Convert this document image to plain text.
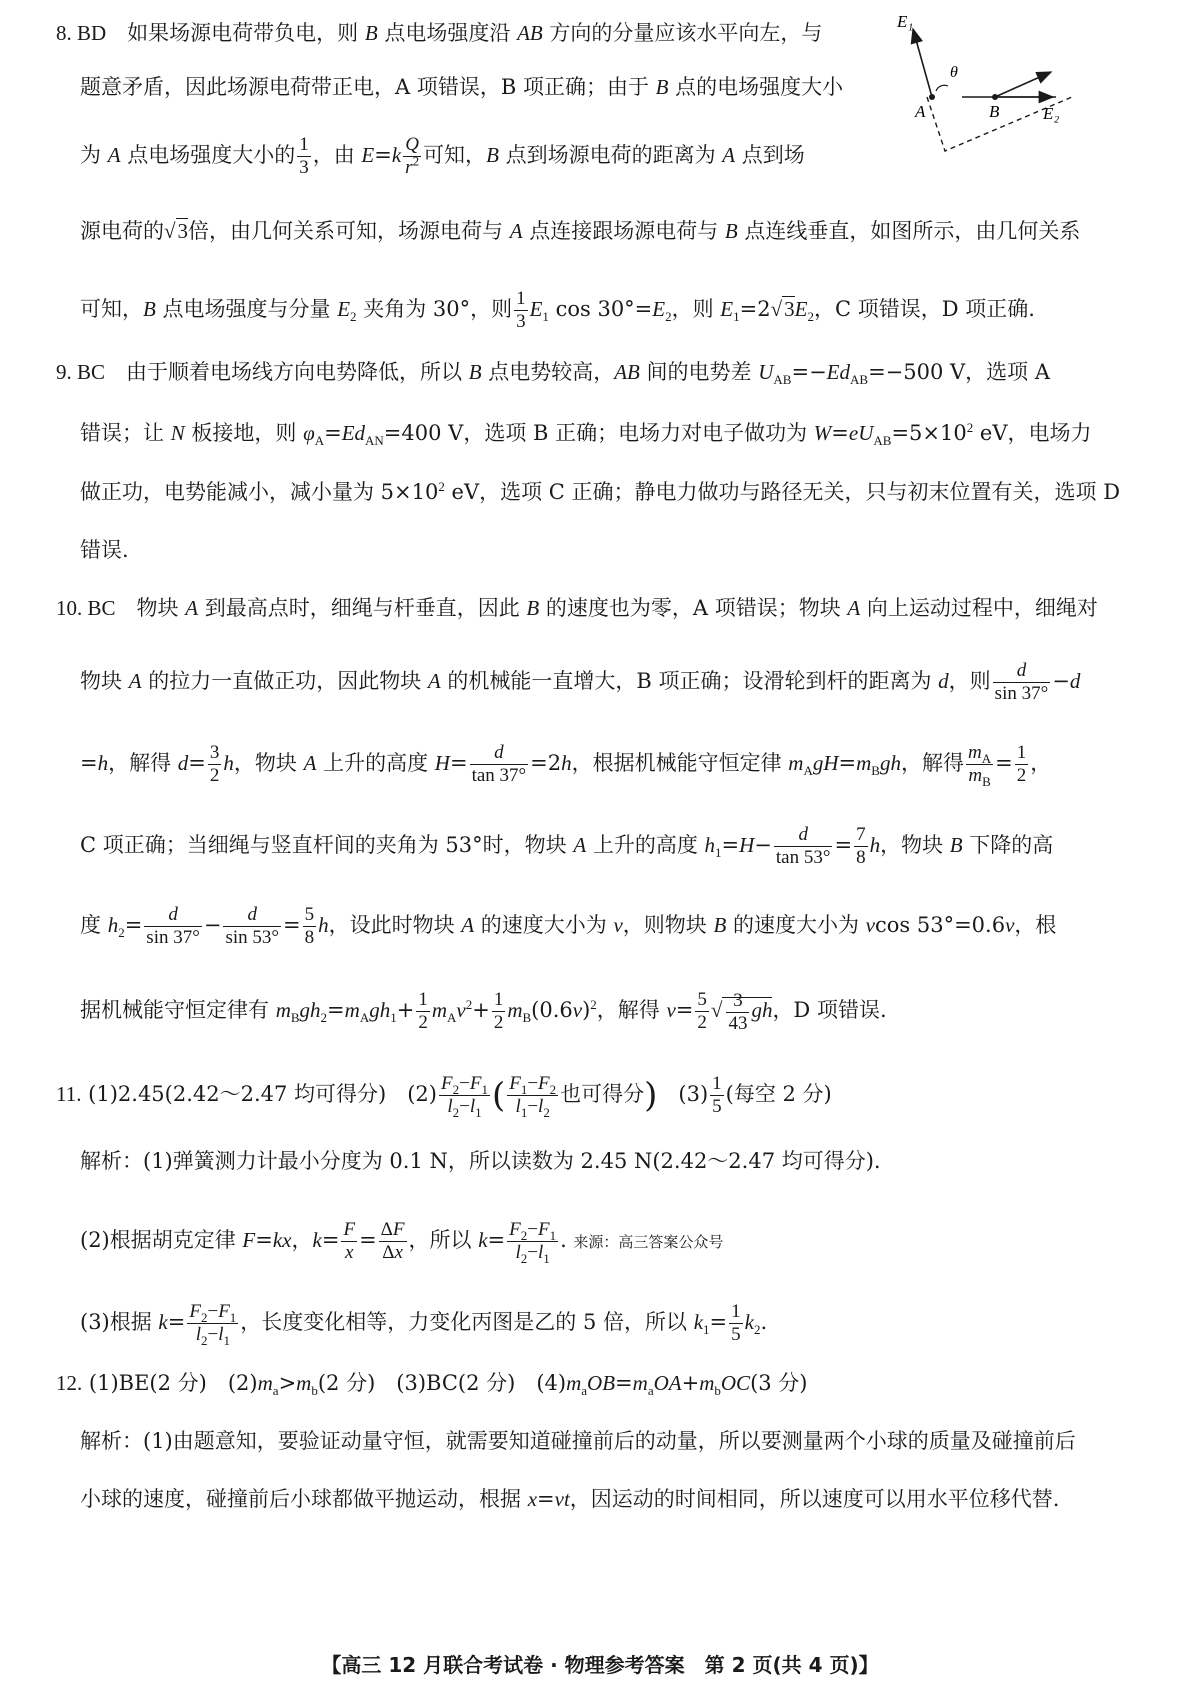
E₁
θ
A	B	E₂
8. BD　如果场源电荷带负电，则 B 点电场强度沿 AB 方向的分量应该水平向左，与
题意矛盾，因此场源电荷带正电，A 项错误，B 项正确；由于 B 点的电场强度大小
为 A 点电场强度大小的 $\frac{1}{3}$ ，由 $E=k \frac{Q}{r^2}$ 可知，B 点到场源电荷的距离为 A 点到场
源电荷的√3倍，由几何关系可知，场源电荷与 A 点连接跟场源电荷与 B 点连线垂直，如图所示，由几何关系
可知，B 点电场强度与分量 $E_2$ 夹角为 30°，则 $\frac{1}{3} E_1$ $\cos 30^\circ=E_2$，则 $E_1=2√3E_2$，C 项错误，D 项正确.
9. BC　由于顺着电场线方向电势降低，所以 B 点电势较高，AB 间的电势差 $U_{AB}=-Ed_{AB}=-500$ V，选项 A
错误；让 N 板接地，则 $\varphi_A=Ed_{AN}=400$ V，选项 B 正确；电场力对电子做功为 $W=eU_{AB}=5\times 10^2$ eV，电场力
做正功，电势能减小，减小量为 $5\times 10^2$ eV，选项 C 正确；静电力做功与路径无关，只与初末位置有关，选项 D
错误.
10. BC　物块 A 到最高点时，细绳与杆垂直，因此 B 的速度也为零，A 项错误；物块 A 向上运动过程中，细绳对
物块 A 的拉力一直做正功，因此物块 A 的机械能一直增大，B 项正确；设滑轮到杆的距离为 d，则 $\frac{d}{\sin 37^\circ} -d$
=h，解得 $d= \frac{3}{2}$ h，物块 A 上升的高度 $H= \frac{d}{\tan 37^\circ} =2h$，根据机械能守恒定律 $m_AgH=m_Bgh$，解得 $\frac{m_A}{m_B} = \frac{1}{2}$ ，
C 项正确；当细绳与竖直杆间的夹角为 53°时，物块 A 上升的高度 $h_1=H- \frac{d}{\tan 53^\circ} = \frac{7}{8}$ h，物块 B 下降的高
度 $h_2= \frac{d}{\sin 37^\circ} - \frac{d}{\sin 53^\circ} = \frac{5}{8}$ h，设此时物块 A 的速度大小为 v，则物块 B 的速度大小为 vcos 53°=0.6v，根
据机械能守恒定律有 $m_Bgh_2=m_Agh_1+ \frac{1}{2} m_Av^2+ \frac{1}{2} m_B(0.6v)^2$，解得 $v= \frac{5}{2}$ √ $\frac{3}{43}$ gh，D 项错误.
11. (1)2.45(2.42～2.47 均可得分)　$(2) \frac{F_2-F_1}{l_2-l_1}$ ( $\frac{F_1-F_2}{l_1-l_2}$ 也可得分)　$(3) \frac{1}{5}$ (每空 2 分)
解析：(1)弹簧测力计最小分度为 0.1 N，所以读数为 2.45 N(2.42～2.47 均可得分).
(2)根据胡克定律 F=kx，$k= \frac{F}{x} = \frac{\Delta F}{\Delta x}$ ，所以 $k= \frac{F_2-F_1}{l_2-l_1}$ . 来源：高三答案公众号
(3)根据 $k= \frac{F_2-F_1}{l_2-l_1}$ ，长度变化相等，力变化丙图是乙的 5 倍，所以 $k_1= \frac{1}{5} k_2$.
12. (1)BE(2 分)　$(2)m_a>m_b(2$ 分)　(3)BC(2 分)　$(4)m_aOB=m_aOA+m_bOC(3$ 分)
解析：(1)由题意知，要验证动量守恒，就需要知道碰撞前后的动量，所以要测量两个小球的质量及碰撞前后
小球的速度，碰撞前后小球都做平抛运动，根据 x=vt，因运动的时间相同，所以速度可以用水平位移代替.
【高三 12 月联合考试卷 · 物理参考答案　第 2 页(共 4 页)】
